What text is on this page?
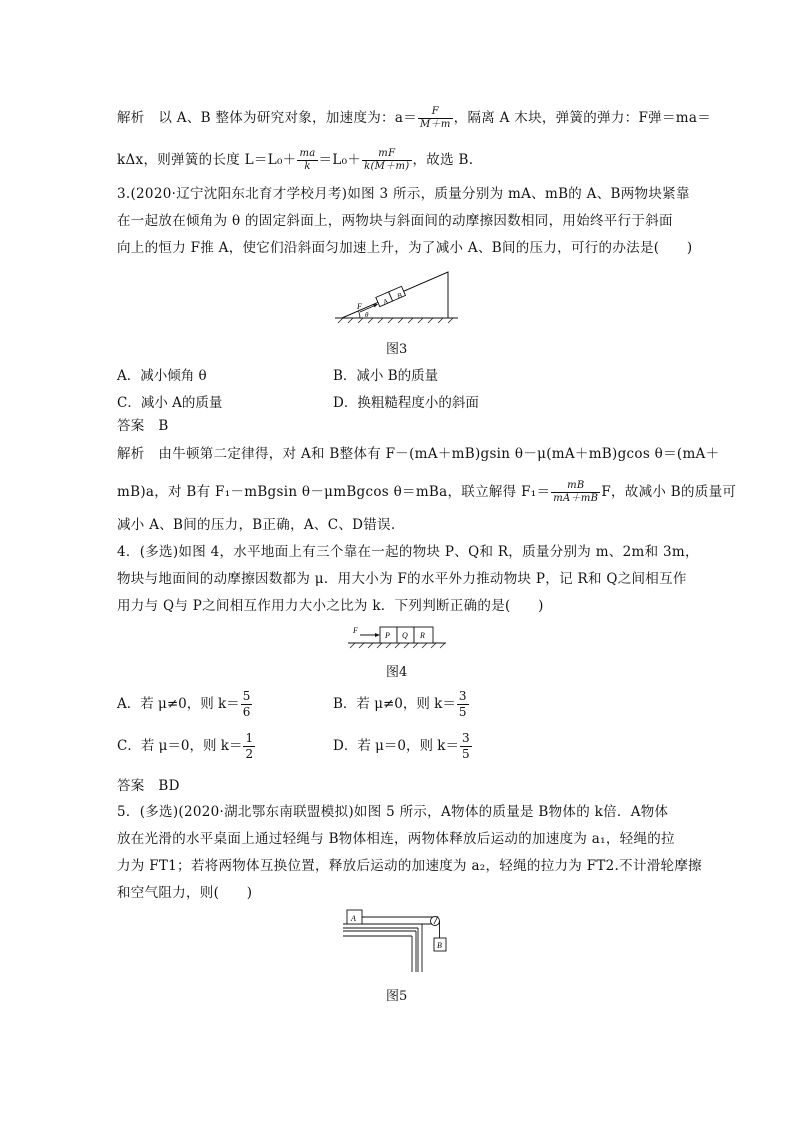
解析　以 A、B 整体为研究对象，加速度为：$a= \frac{F}{M+m}$ ，隔离 A 木块，弹簧的弹力：F弹＝ma＝
kΔx，则弹簧的长度 $L=L_0+ \frac{ma}{k} =L_0+ \frac{mF}{k(M+m)}$ ，故选 B.
3.(2020·辽宁沈阳东北育才学校月考)如图 3 所示，质量分别为 mA、mB的 A、B两物块紧靠
在一起放在倾角为 θ 的固定斜面上，两物块与斜面间的动摩擦因数相同，用始终平行于斜面
向上的恒力 F推 A，使它们沿斜面匀加速上升，为了减小 A、B间的压力，可行的办法是(　　)
F
A
B
θ
图3
A．减小倾角 θ	B．减小 B的质量
C．减小 A的质量	D．换粗糙程度小的斜面
答案　B
解析　由牛顿第二定律得，对 A和 B整体有 F－(mA＋mB)gsin θ－μ(mA＋mB)gcos θ＝(mA＋
mB)a，对 B有 F₁－mBgsin θ－μmBgcos θ＝mBa，联立解得 $F_1= \frac{mB}{mA+mB}$ F，故减小 B的质量可
减小 A、B间的压力，B正确，A、C、D错误.
4．(多选)如图 4，水平地面上有三个靠在一起的物块 P、Q和 R，质量分别为 m、2m和 3m，
物块与地面间的动摩擦因数都为 μ．用大小为 F的水平外力推动物块 P，记 R和 Q之间相互作
用力与 Q与 P之间相互作用力大小之比为 k．下列判断正确的是(　　)
F
P Q R
图4
A．若 μ≠0，则 $k= \frac{5}{6}$	B．若 μ≠0，则 $k= \frac{3}{5}$
C．若 μ＝0，则 $k= \frac{1}{2}$	D．若 μ＝0，则 $k= \frac{3}{5}$
答案　BD
5．(多选)(2020·湖北鄂东南联盟模拟)如图 5 所示，A物体的质量是 B物体的 k倍．A物体
放在光滑的水平桌面上通过轻绳与 B物体相连，两物体释放后运动的加速度为 a₁，轻绳的拉
力为 FT1；若将两物体互换位置，释放后运动的加速度为 a₂，轻绳的拉力为 FT2.不计滑轮摩擦
和空气阻力，则(　　)
A
B
图5
